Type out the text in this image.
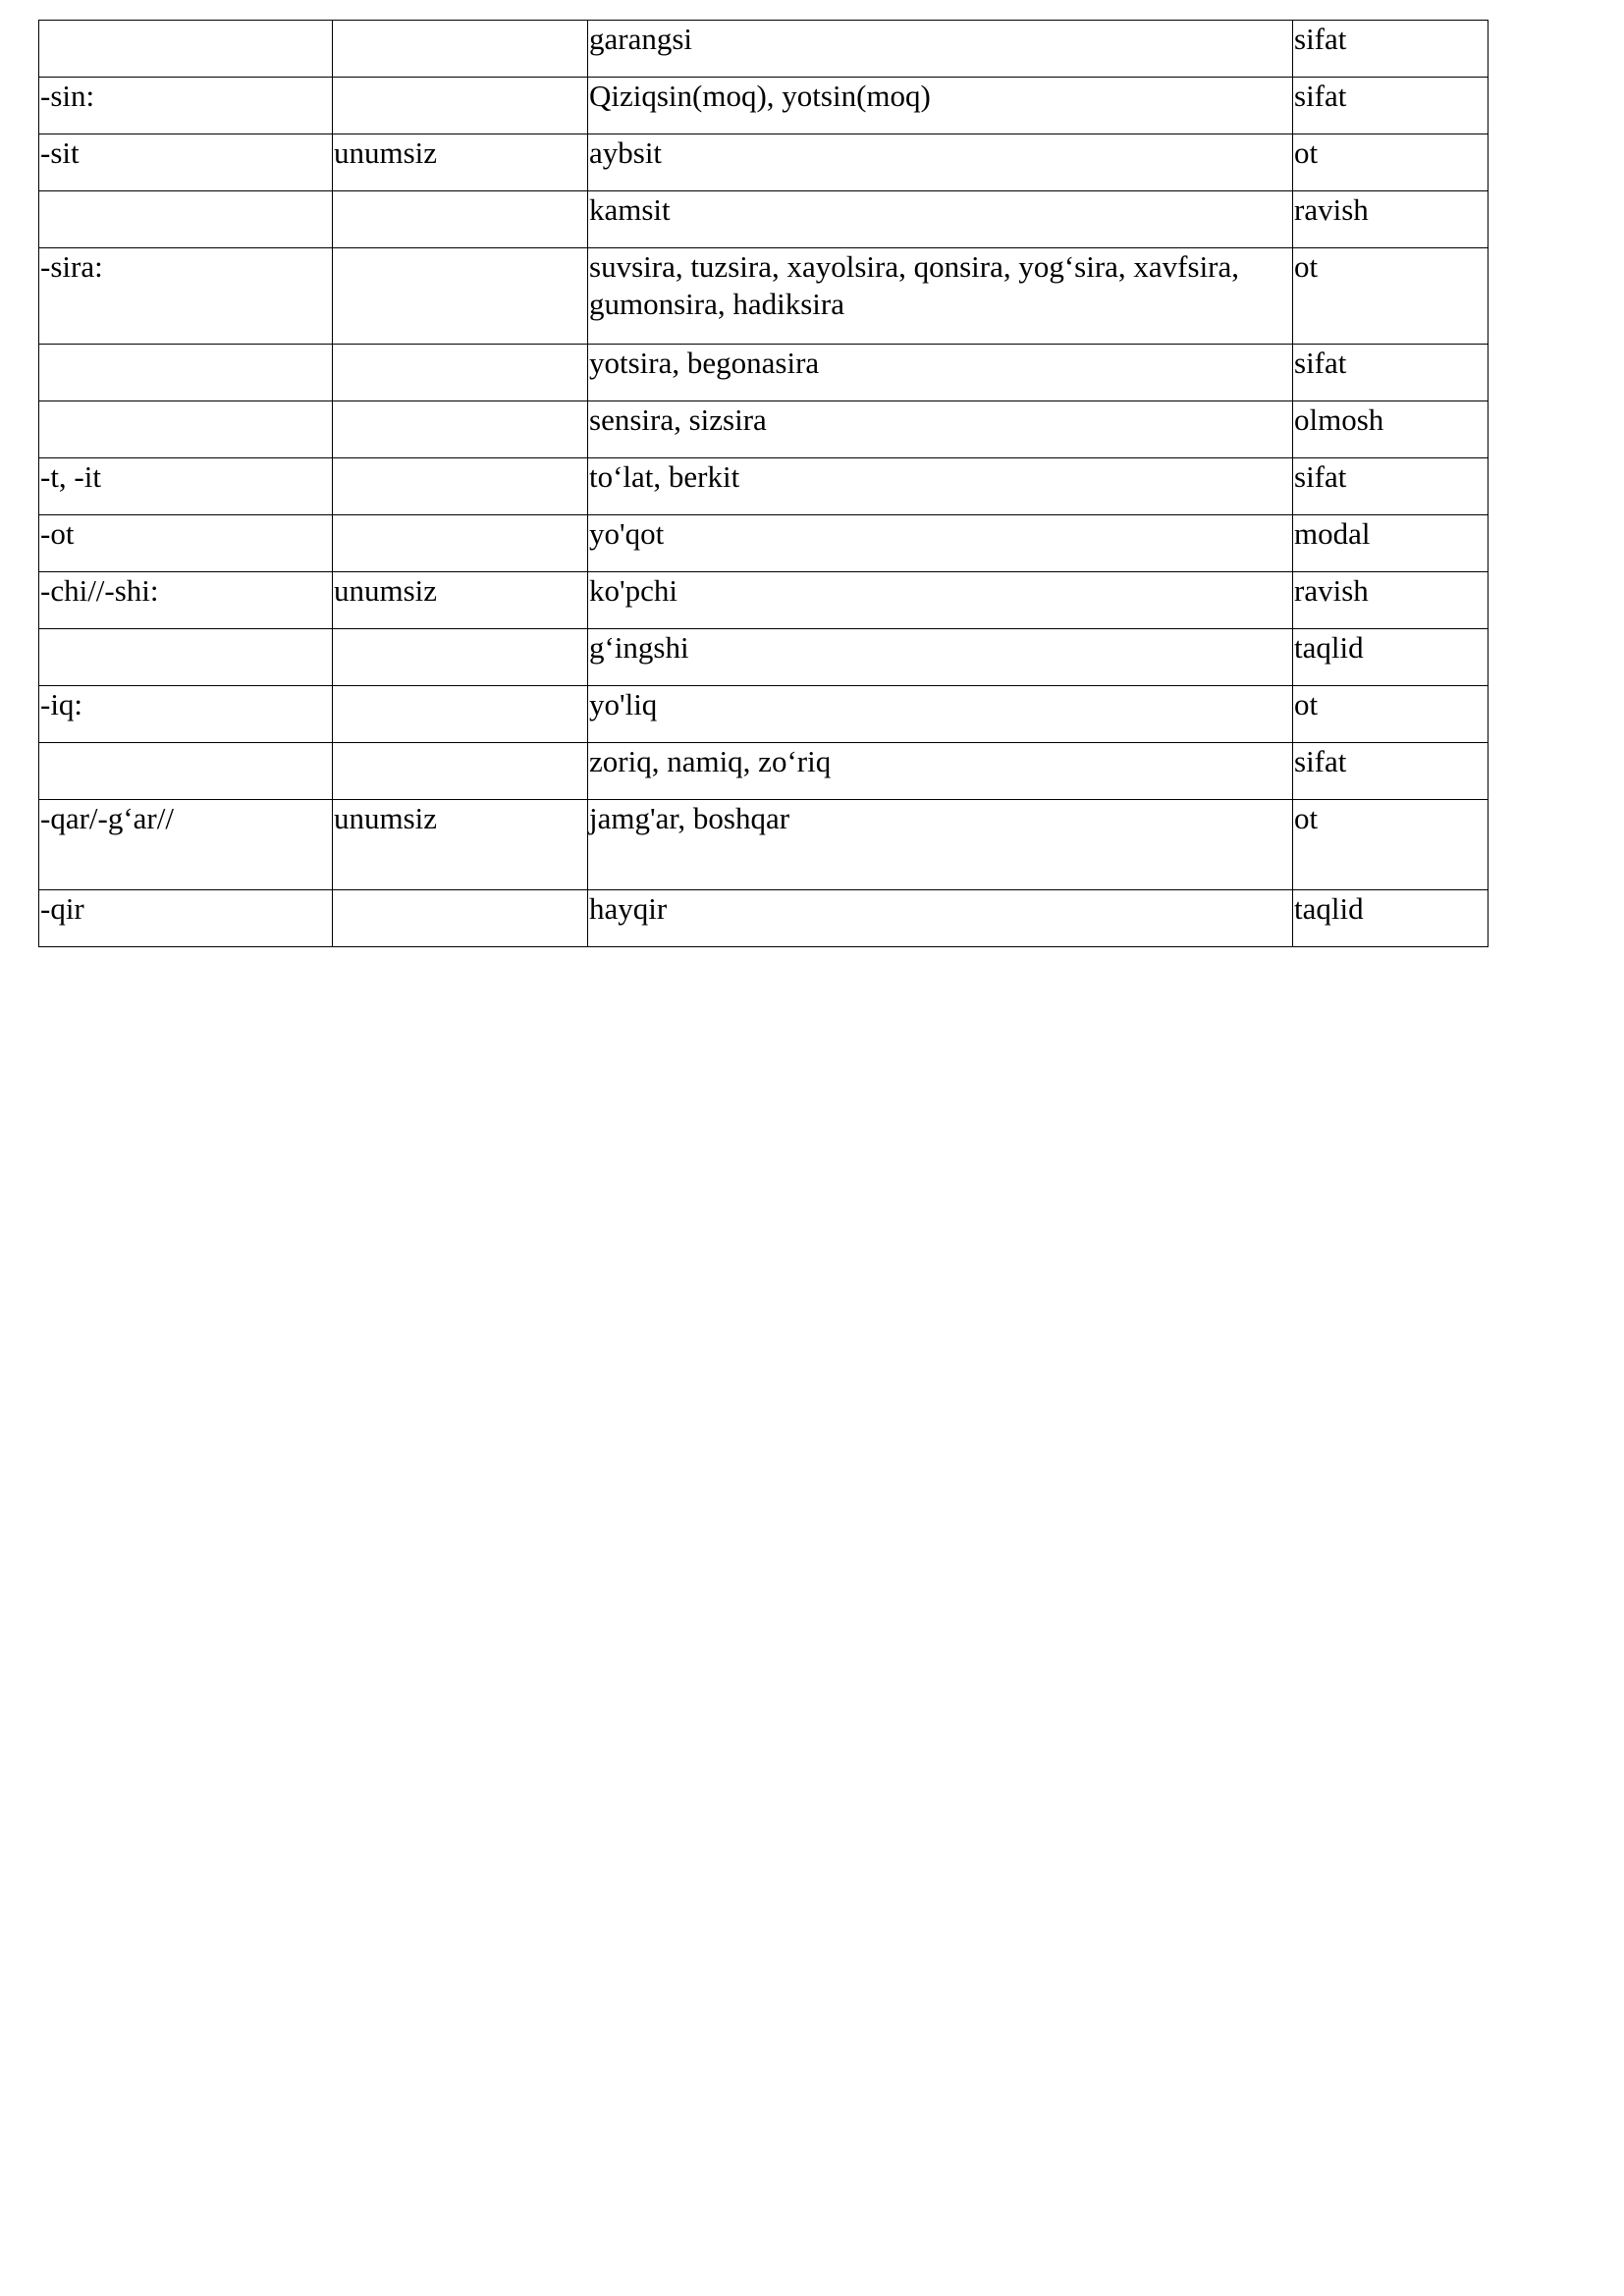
		garangsi	sifat
-sin:		Qiziqsin(moq), yotsin(moq)	sifat
-sit	unumsiz	aybsit	ot
		kamsit	ravish
-sira:		suvsira, tuzsira, xayolsira, qonsira, yog‘sira, xavfsira, gumonsira, hadiksira	ot
		yotsira, begonasira	sifat
		sensira, sizsira	olmosh
-t, -it		to‘lat, berkit	sifat
-ot		yo'qot	modal
-chi//-shi:	unumsiz	ko'pchi	ravish
		g‘ingshi	taqlid
-iq:		yo'liq	ot
		zoriq, namiq, zo‘riq	sifat
-qar/-g‘ar//	unumsiz	jamg'ar, boshqar	ot
-qir		hayqir	taqlid
